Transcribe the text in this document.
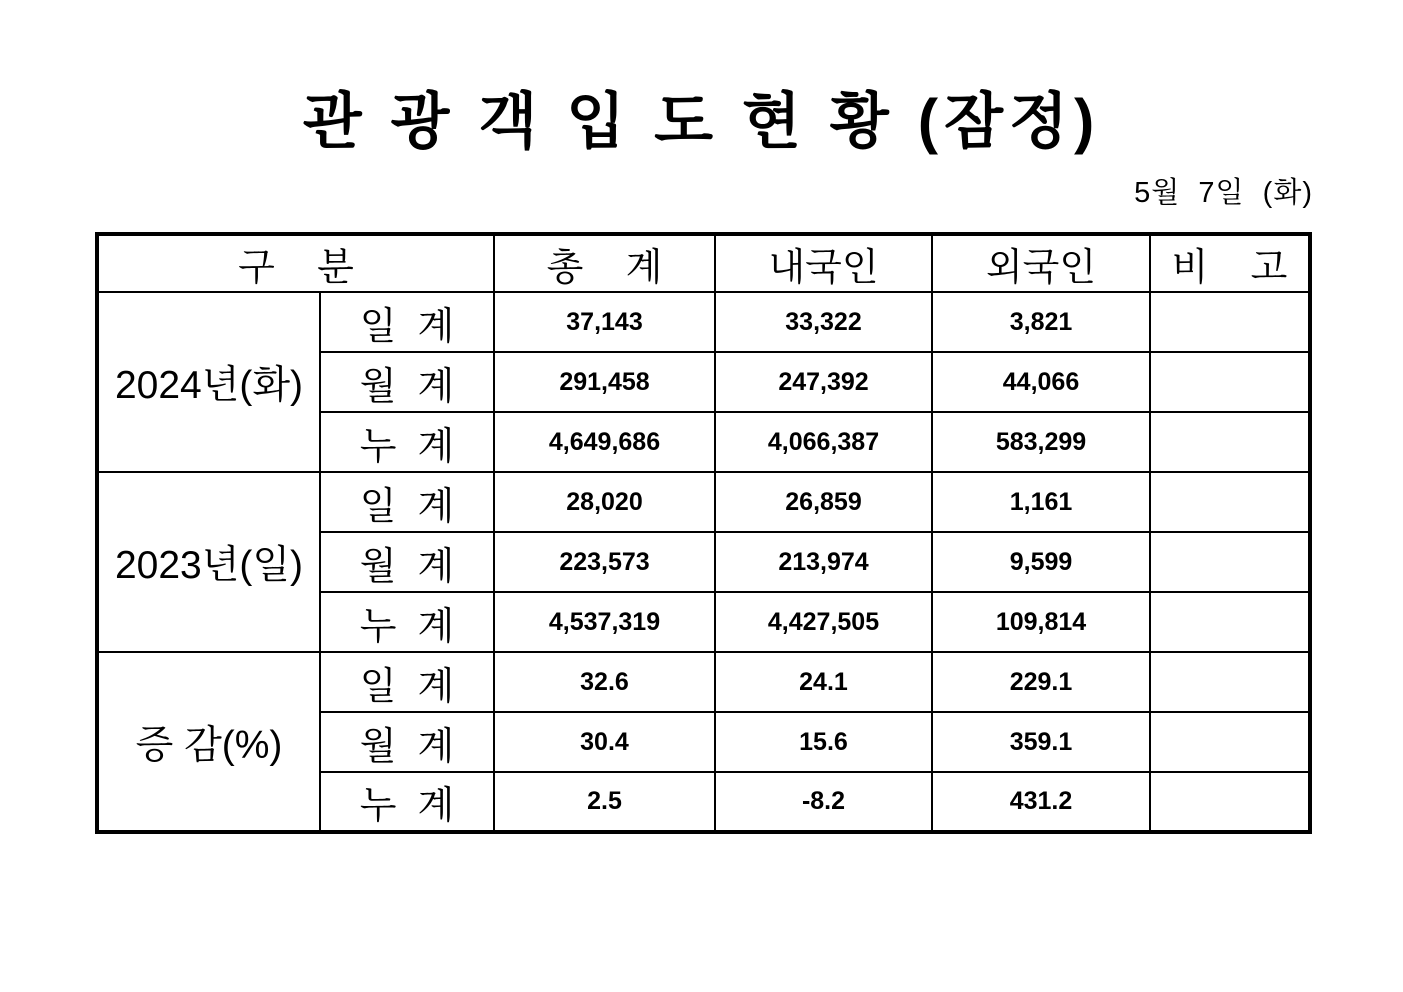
관 광 객 입 도 현 황 (잠정)
5월  7일  (화)
구    분		총    계	내국인	외국인	비    고
2024년(화)	일  계	37,143	33,322	3,821	
	월  계	291,458	247,392	44,066	
	누  계	4,649,686	4,066,387	583,299	
2023년(일)	일  계	28,020	26,859	1,161	
	월  계	223,573	213,974	9,599	
	누  계	4,537,319	4,427,505	109,814	
증 감(%)	일  계	32.6	24.1	229.1	
	월  계	30.4	15.6	359.1	
	누  계	2.5	-8.2	431.2	
